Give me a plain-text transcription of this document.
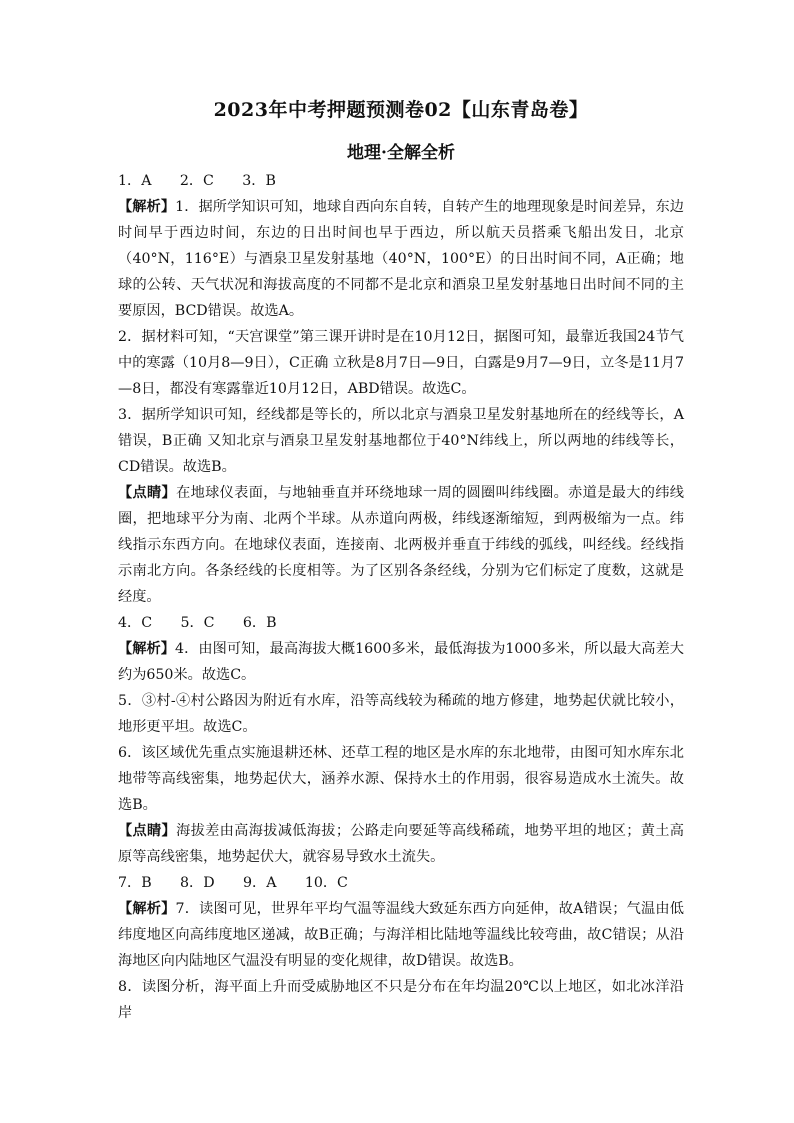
2023年中考押题预测卷02【山东青岛卷】
地理·全解全析

1．A　　2．C　　3．B

【解析】1．据所学知识可知，地球自西向东自转，自转产生的地理现象是时间差异，东边时间早于西边时间，东边的日出时间也早于西边，所以航天员搭乘飞船出发日，北京（40°N，116°E）与酒泉卫星发射基地（40°N，100°E）的日出时间不同，A正确；地球的公转、天气状况和海拔高度的不同都不是北京和酒泉卫星发射基地日出时间不同的主要原因，BCD错误。故选A。

2．据材料可知，“天宫课堂”第三课开讲时是在10月12日，据图可知，最靠近我国24节气中的寒露（10月8—9日），C正确 立秋是8月7日—9日，白露是9月7—9日，立冬是11月7—8日，都没有寒露靠近10月12日，ABD错误。故选C。

3．据所学知识可知，经线都是等长的，所以北京与酒泉卫星发射基地所在的经线等长，A错误，B正确 又知北京与酒泉卫星发射基地都位于40°N纬线上，所以两地的纬线等长，CD错误。故选B。

【点睛】在地球仪表面，与地轴垂直并环绕地球一周的圆圈叫纬线圈。赤道是最大的纬线圈，把地球平分为南、北两个半球。从赤道向两极，纬线逐渐缩短，到两极缩为一点。纬线指示东西方向。在地球仪表面，连接南、北两极并垂直于纬线的弧线，叫经线。经线指示南北方向。各条经线的长度相等。为了区别各条经线，分别为它们标定了度数，这就是经度。

4．C　　5．C　　6．B

【解析】4．由图可知，最高海拔大概1600多米，最低海拔为1000多米，所以最大高差大约为650米。故选C。

5．③村-④村公路因为附近有水库，沿等高线较为稀疏的地方修建，地势起伏就比较小，地形更平坦。故选C。

6．该区域优先重点实施退耕还林、还草工程的地区是水库的东北地带，由图可知水库东北地带等高线密集，地势起伏大，涵养水源、保持水土的作用弱，很容易造成水土流失。故选B。

【点睛】海拔差由高海拔减低海拔；公路走向要延等高线稀疏，地势平坦的地区；黄土高原等高线密集，地势起伏大，就容易导致水土流失。

7．B　　8．D　　9．A　　10．C

【解析】7．读图可见，世界年平均气温等温线大致延东西方向延伸，故A错误；气温由低纬度地区向高纬度地区递减，故B正确；与海洋相比陆地等温线比较弯曲，故C错误；从沿海地区向内陆地区气温没有明显的变化规律，故D错误。故选B。

8．读图分析，海平面上升而受威胁地区不只是分布在年均温20℃以上地区，如北冰洋沿岸
